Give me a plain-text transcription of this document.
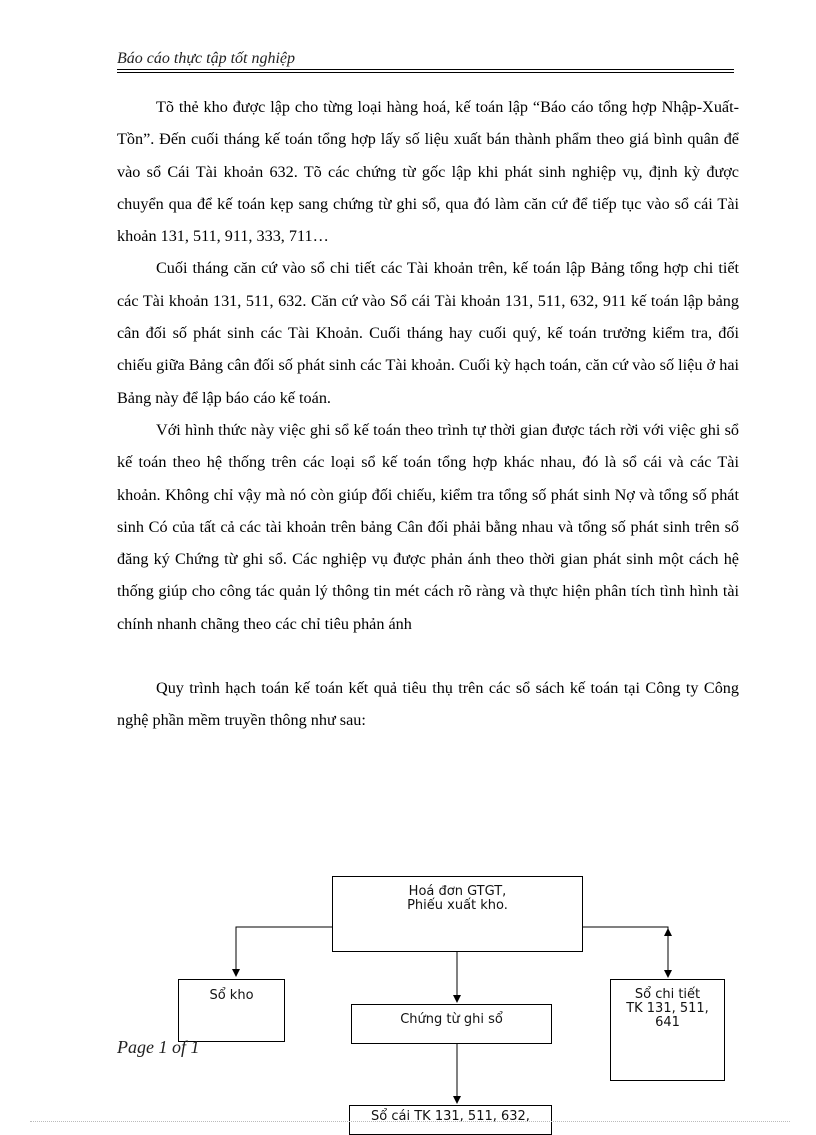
Báo cáo thực tập tốt nghiệp

Tõ thẻ kho được lập cho từng loại hàng hoá, kế toán lập “Báo cáo tổng hợp Nhập-Xuất-Tồn”. Đến cuối tháng kế toán tổng hợp lấy số liệu xuất bán thành phẩm theo giá bình quân để vào sổ Cái Tài khoản 632. Tõ các chứng từ gốc lập khi phát sinh nghiệp vụ, định kỳ được chuyển qua để kế toán kẹp sang chứng từ ghi sổ, qua đó làm căn cứ để tiếp tục vào sổ cái Tài khoản 131, 511, 911, 333, 711…

Cuối tháng căn cứ vào sổ chi tiết các Tài khoản trên, kế toán lập Bảng tổng hợp chi tiết các Tài khoản 131, 511, 632. Căn cứ vào Sổ cái Tài khoản 131, 511, 632, 911 kế toán lập bảng cân đối số phát sinh các Tài Khoản. Cuối tháng hay cuối quý, kế toán trưởng kiểm tra, đối chiếu giữa Bảng cân đối số phát sinh các Tài khoản. Cuối kỳ hạch toán, căn cứ vào số liệu ở hai Bảng này để lập báo cáo kế toán.

Với hình thức này việc ghi sổ kế toán theo trình tự thời gian được tách rời với việc ghi sổ kế toán theo hệ thống trên các loại sổ kế toán tổng hợp khác nhau, đó là sổ cái và các Tài khoản. Không chỉ vậy mà nó còn giúp đối chiếu, kiểm tra tổng số phát sinh Nợ và tổng số phát sinh Có của tất cả các tài khoản trên bảng Cân đối phải bằng nhau và tổng số phát sinh trên sổ đăng ký Chứng từ ghi sổ. Các nghiệp vụ được phản ánh theo thời gian phát sinh một cách hệ thống giúp cho công tác quản lý thông tin mét cách rõ ràng và thực hiện phân tích tình hình tài chính nhanh chãng theo các chỉ tiêu phản ánh

Quy trình hạch toán kế toán kết quả tiêu thụ trên các sổ sách kế toán tại Công ty Công nghệ phần mềm truyền thông như sau:

Hoá đơn GTGT,
Phiếu xuất kho.
Sổ kho
Chứng từ ghi sổ
Sổ chi tiết
TK 131, 511,
641
Sổ cái TK 131, 511, 632,
Page 1 of 1
